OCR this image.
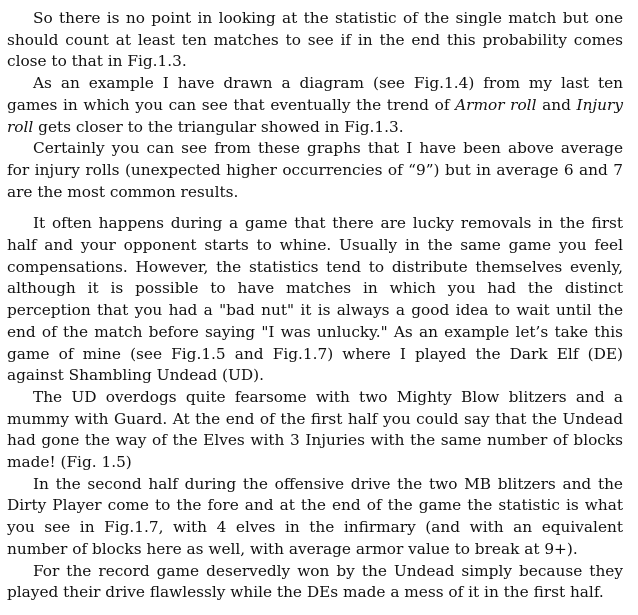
So there is no point in looking at the statistic of the single match but one should count at least ten matches to see if in the end this probability comes close to that in Fig.1.3.

As an example I have drawn a diagram (see Fig.1.4) from my last ten games in which you can see that eventually the trend of Armor roll and Injury roll gets closer to the triangular showed in Fig.1.3.

Certainly you can see from these graphs that I have been above average for injury rolls (unexpected higher occurrencies of “9”) but in average 6 and 7 are the most common results.

It often happens during a game that there are lucky removals in the first half and your opponent starts to whine. Usually in the same game you feel compensations. However, the statistics tend to distribute themselves evenly, although it is possible to have matches in which you had the distinct perception that you had a "bad nut" it is always a good idea to wait until the end of the match before saying "I was unlucky." As an example let’s take this game of mine (see Fig.1.5 and Fig.1.7) where I played the Dark Elf (DE) against Shambling Undead (UD).

The UD overdogs quite fearsome with two Mighty Blow blitzers and a mummy with Guard. At the end of the first half you could say that the Undead had gone the way of the Elves with 3 Injuries with the same number of blocks made! (Fig. 1.5)

In the second half during the offensive drive the two MB blitzers and the Dirty Player come to the fore and at the end of the game the statistic is what you see in Fig.1.7, with 4 elves in the infirmary (and with an equivalent number of blocks here as well, with average armor value to break at 9+).

For the record game deservedly won by the Undead simply because they played their drive flawlessly while the DEs made a mess of it in the first half.
